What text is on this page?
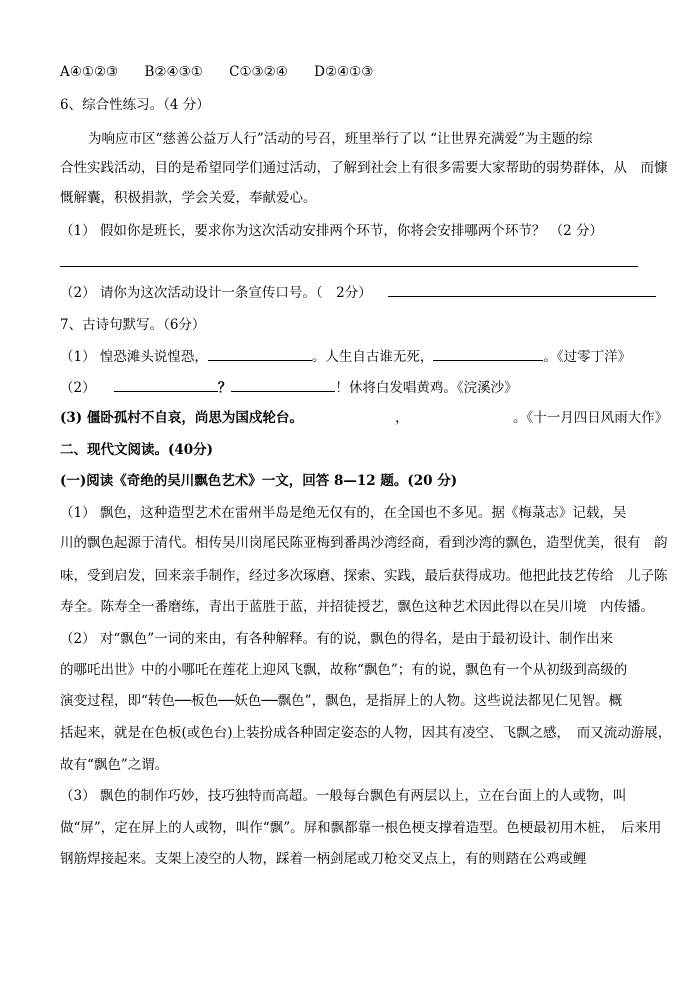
A④①②③ B②④③① C①③②④ D②④①③
6、综合性练习。（4 分）
为响应市区“慈善公益万人行”活动的号召，班里举行了以 “让世界充满爱”为主题的综
合性实践活动，目的是希望同学们通过活动，了解到社会上有很多需要大家帮助的弱势群体，从　而慷
慨解囊，积极捐款，学会关爱，奉献爱心。
（1） 假如你是班长，要求你为这次活动安排两个环节，你将会安排哪两个环节？ （2 分）
（2） 请你为这次活动设计一条宣传口号。（　2分）
7、古诗句默写。（6分）
（1） 惶恐滩头说惶恐，	。人生自古谁无死，	。《过零丁洋》
（2）	？	！休将白发唱黄鸡。《浣溪沙》
(3) 僵卧孤村不自哀，尚思为国戍轮台。	，	。《十一月四日风雨大作》
二、现代文阅读。(40分)
(一)阅读《奇绝的吴川飘色艺术》一文，回答 8—12 题。(20 分)
（1） 飘色，这种造型艺术在雷州半岛是绝无仅有的，在全国也不多见。据《梅菉志》记载，吴
川的飘色起源于清代。相传吴川岗尾民陈亚梅到番禺沙湾经商，看到沙湾的飘色，造型优美，很有　韵
味，受到启发，回来亲手制作，经过多次琢磨、探索、实践，最后获得成功。他把此技艺传给　儿子陈
寿全。陈寿全一番磨练，青出于蓝胜于蓝，并招徒授艺，飘色这种艺术因此得以在吴川境　内传播。
（2） 对“飘色”一词的来由，有各种解释。有的说，飘色的得名，是由于最初设计、制作出来
的哪吒出世》中的小哪吒在莲花上迎风飞飘，故称“飘色”；有的说，飘色有一个从初级到高级的
演变过程，即“转色──板色──妖色──飘色”，飘色，是指屏上的人物。这些说法都见仁见智。概
括起来，就是在色板(或色台)上装扮成各种固定姿态的人物，因其有凌空、飞飘之感，　而又流动游展，
故有“飘色”之谓。
（3） 飘色的制作巧妙，技巧独特而高超。一般每台飘色有两层以上，立在台面上的人或物，叫
做“屏”，定在屏上的人或物，叫作“飘”。屏和飘都靠一根色梗支撑着造型。色梗最初用木桩，　后来用
钢筋焊接起来。支架上凌空的人物，踩着一柄剑尾或刀枪交叉点上，有的则踏在公鸡或鲤
